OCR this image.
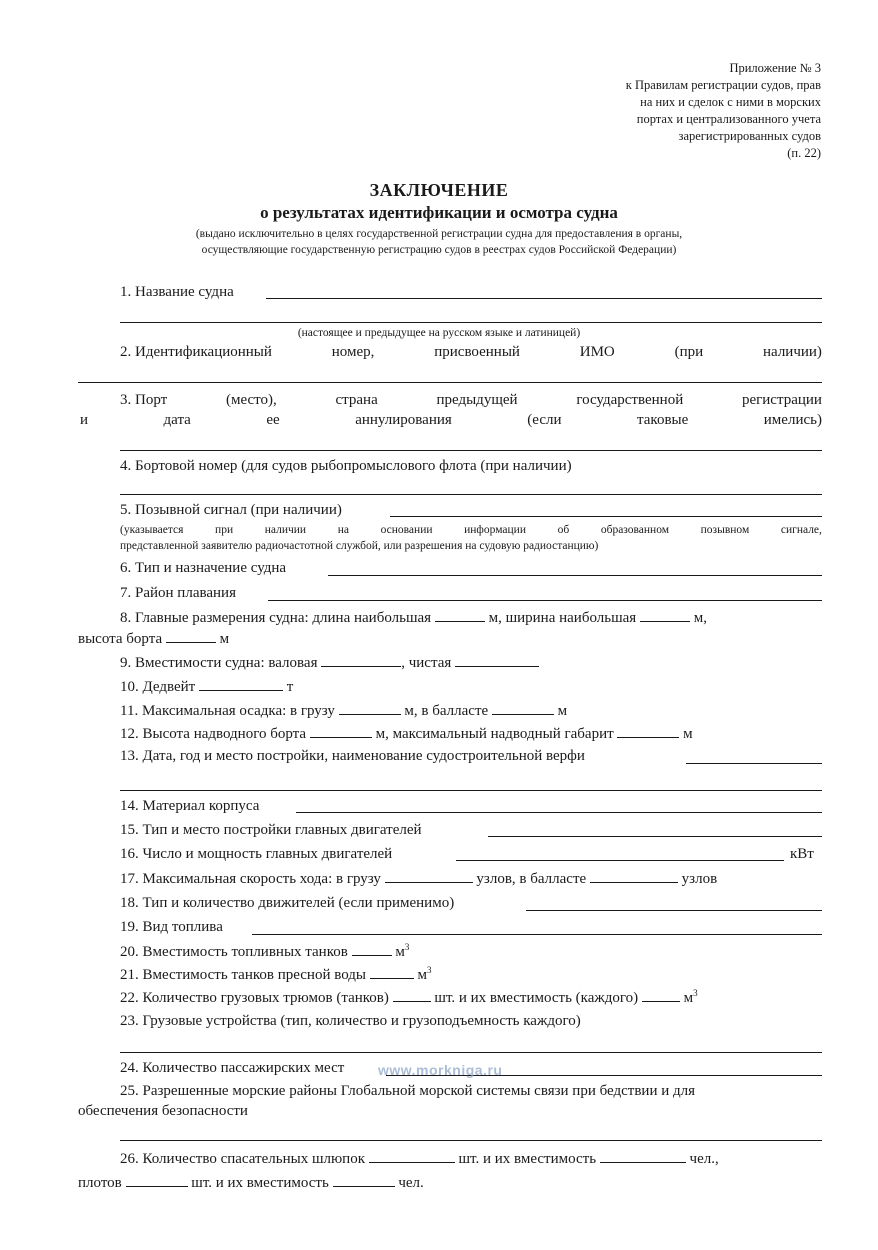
Приложение № 3
к Правилам регистрации судов, прав
на них и сделок с ними в морских
портах и централизованного учета
зарегистрированных судов
(п. 22)
ЗАКЛЮЧЕНИЕ
о результатах идентификации и осмотра судна
(выдано исключительно в целях государственной регистрации судна для предоставления в органы,
осуществляющие государственную регистрацию судов в реестрах судов Российской Федерации)
1. Название судна
(настоящее и предыдущее на русском языке и латиницей)
2. Идентификационный	номер,	присвоенный	ИМО	(при	наличии)
3. Порт	(место),	страна	предыдущей	государственной	регистрации
и	дата	ее	аннулирования	(если	таковые	имелись)
4. Бортовой номер (для судов рыбопромыслового флота (при наличии)
5. Позывной сигнал (при наличии)
(указывается	при	наличии	на	основании	информации	об	образованном	позывном	сигнале,
представленной заявителю радиочастотной службой, или разрешения на судовую радиостанцию)
6. Тип и назначение судна
7. Район плавания
8. Главные размерения судна: длина наибольшая	м, ширина наибольшая	м,
высота борта	м
9. Вместимости судна: валовая	, чистая
10. Дедвейт	т
11. Максимальная осадка: в грузу	м, в балласте	м
12. Высота надводного борта	м, максимальный надводный габарит	м
13. Дата, год и место постройки, наименование судостроительной верфи
14. Материал корпуса
15. Тип и место постройки главных двигателей
16. Число и мощность главных двигателей	кВт
17. Максимальная скорость хода: в грузу	узлов, в балласте	узлов
18. Тип и количество движителей (если применимо)
19. Вид топлива
20. Вместимость топливных танков	$м^3$
21. Вместимость танков пресной воды	$м^3$
22. Количество грузовых трюмов (танков)	шт. и их вместимость (каждого)	$м^3$
23. Грузовые устройства (тип, количество и грузоподъемность каждого)
24. Количество пассажирских мест www.morkniga.ru
25. Разрешенные морские районы Глобальной морской системы связи при бедствии и для
обеспечения безопасности
26. Количество спасательных шлюпок	шт. и их вместимость	чел.,
плотов	шт. и их вместимость	чел.
